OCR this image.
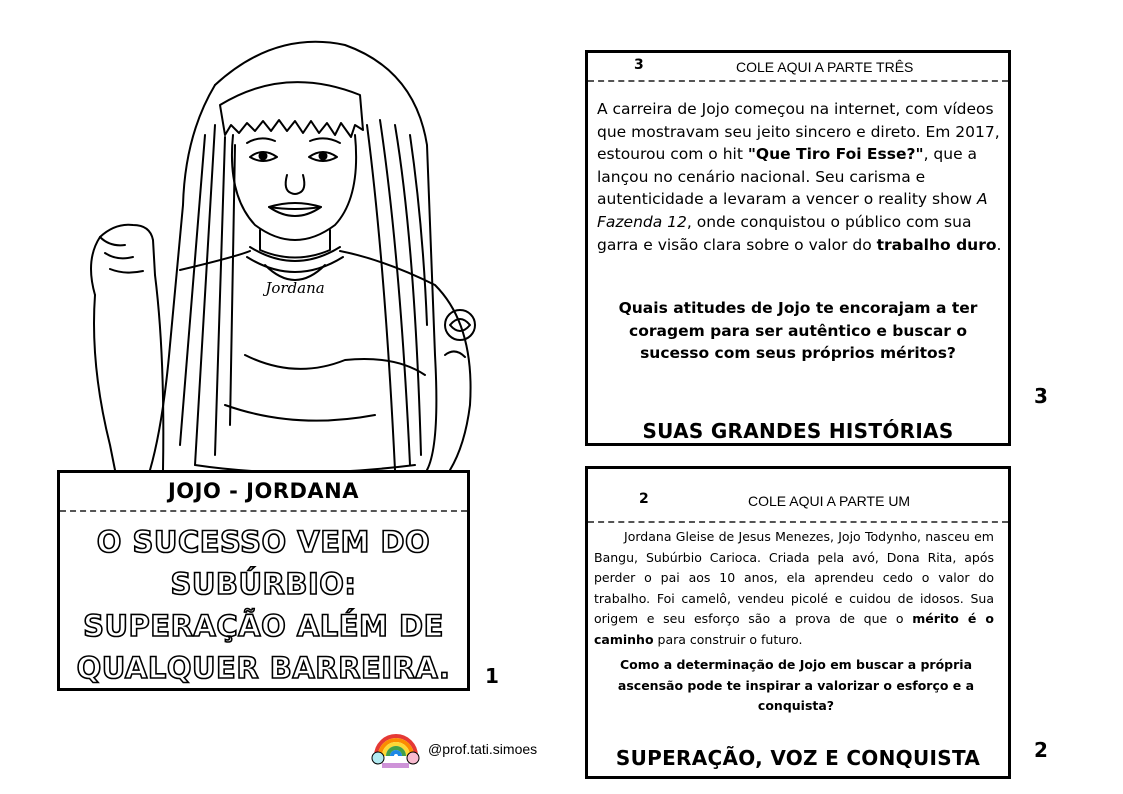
Jordana
JOJO - JORDANA
O SUCESSO VEM DO SUBÚRBIO: SUPERAÇÃO ALÉM DE QUALQUER BARREIRA.	1
@prof.tati.simoes
3	COLE AQUI A PARTE TRÊS
A carreira de Jojo começou na internet, com vídeos que mostravam seu jeito sincero e direto. Em 2017, estourou com o hit "Que Tiro Foi Esse?", que a lançou no cenário nacional. Seu carisma e autenticidade a levaram a vencer o reality show A Fazenda 12, onde conquistou o público com sua garra e visão clara sobre o valor do trabalho duro.
Quais atitudes de Jojo te encorajam a ter coragem para ser autêntico e buscar o sucesso com seus próprios méritos?
SUAS GRANDES HISTÓRIAS
3
2	COLE AQUI A PARTE UM
Jordana Gleise de Jesus Menezes, Jojo Todynho, nasceu em Bangu, Subúrbio Carioca. Criada pela avó, Dona Rita, após perder o pai aos 10 anos, ela aprendeu cedo o valor do trabalho. Foi camelô, vendeu picolé e cuidou de idosos. Sua origem e seu esforço são a prova de que o mérito é o caminho para construir o futuro.
Como a determinação de Jojo em buscar a própria ascensão pode te inspirar a valorizar o esforço e a conquista?
SUPERAÇÃO, VOZ E CONQUISTA	2
